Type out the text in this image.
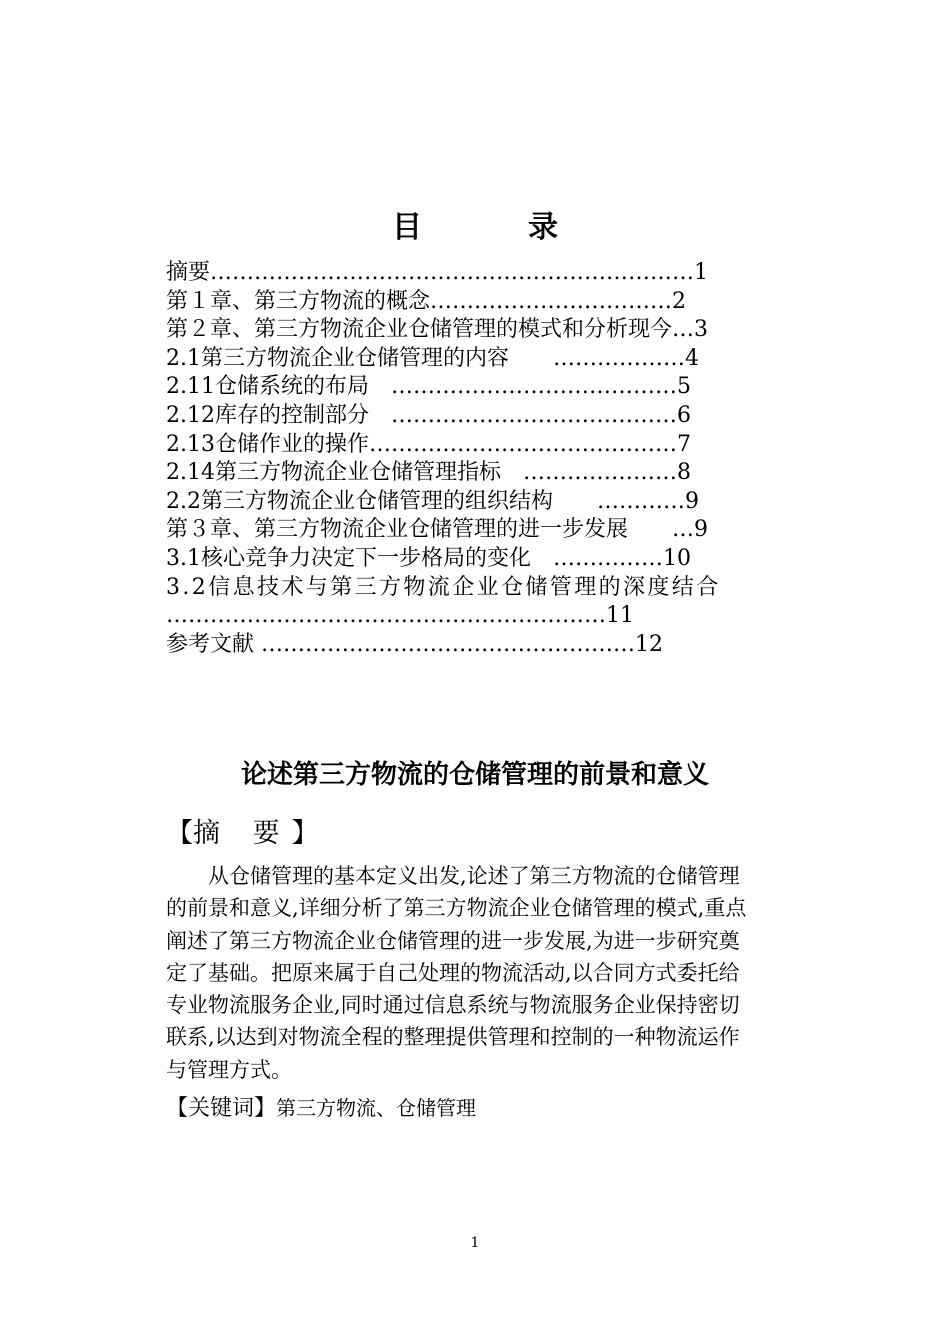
目　录
摘要…………………………………………………………1
第１章、第三方物流的概念……………………………2
第２章、第三方物流企业仓储管理的模式和分析现今…3
2.1第三方物流企业仓储管理的内容　　………………4
2.11仓储系统的布局　…………………………………5
2.12库存的控制部分　…………………………………6
2.13仓储作业的操作……………………………………7
2.14第三方物流企业仓储管理指标　…………………8
2.2第三方物流企业仓储管理的组织结构　　…………9
第３章、第三方物流企业仓储管理的进一步发展　　…9
3.1核心竞争力决定下一步格局的变化　……………10
3.2信息技术与第三方物流企业仓储管理的深度结合
……………………………………………………11
参考文献 ……………………………………………12
论述第三方物流的仓储管理的前景和意义
【摘 要】
从仓储管理的基本定义出发,论述了第三方物流的仓储管理
的前景和意义,详细分析了第三方物流企业仓储管理的模式,重点
阐述了第三方物流企业仓储管理的进一步发展,为进一步研究奠
定了基础。把原来属于自己处理的物流活动,以合同方式委托给
专业物流服务企业,同时通过信息系统与物流服务企业保持密切
联系,以达到对物流全程的整理提供管理和控制的一种物流运作
与管理方式。
【关键词】第三方物流、仓储管理
1
